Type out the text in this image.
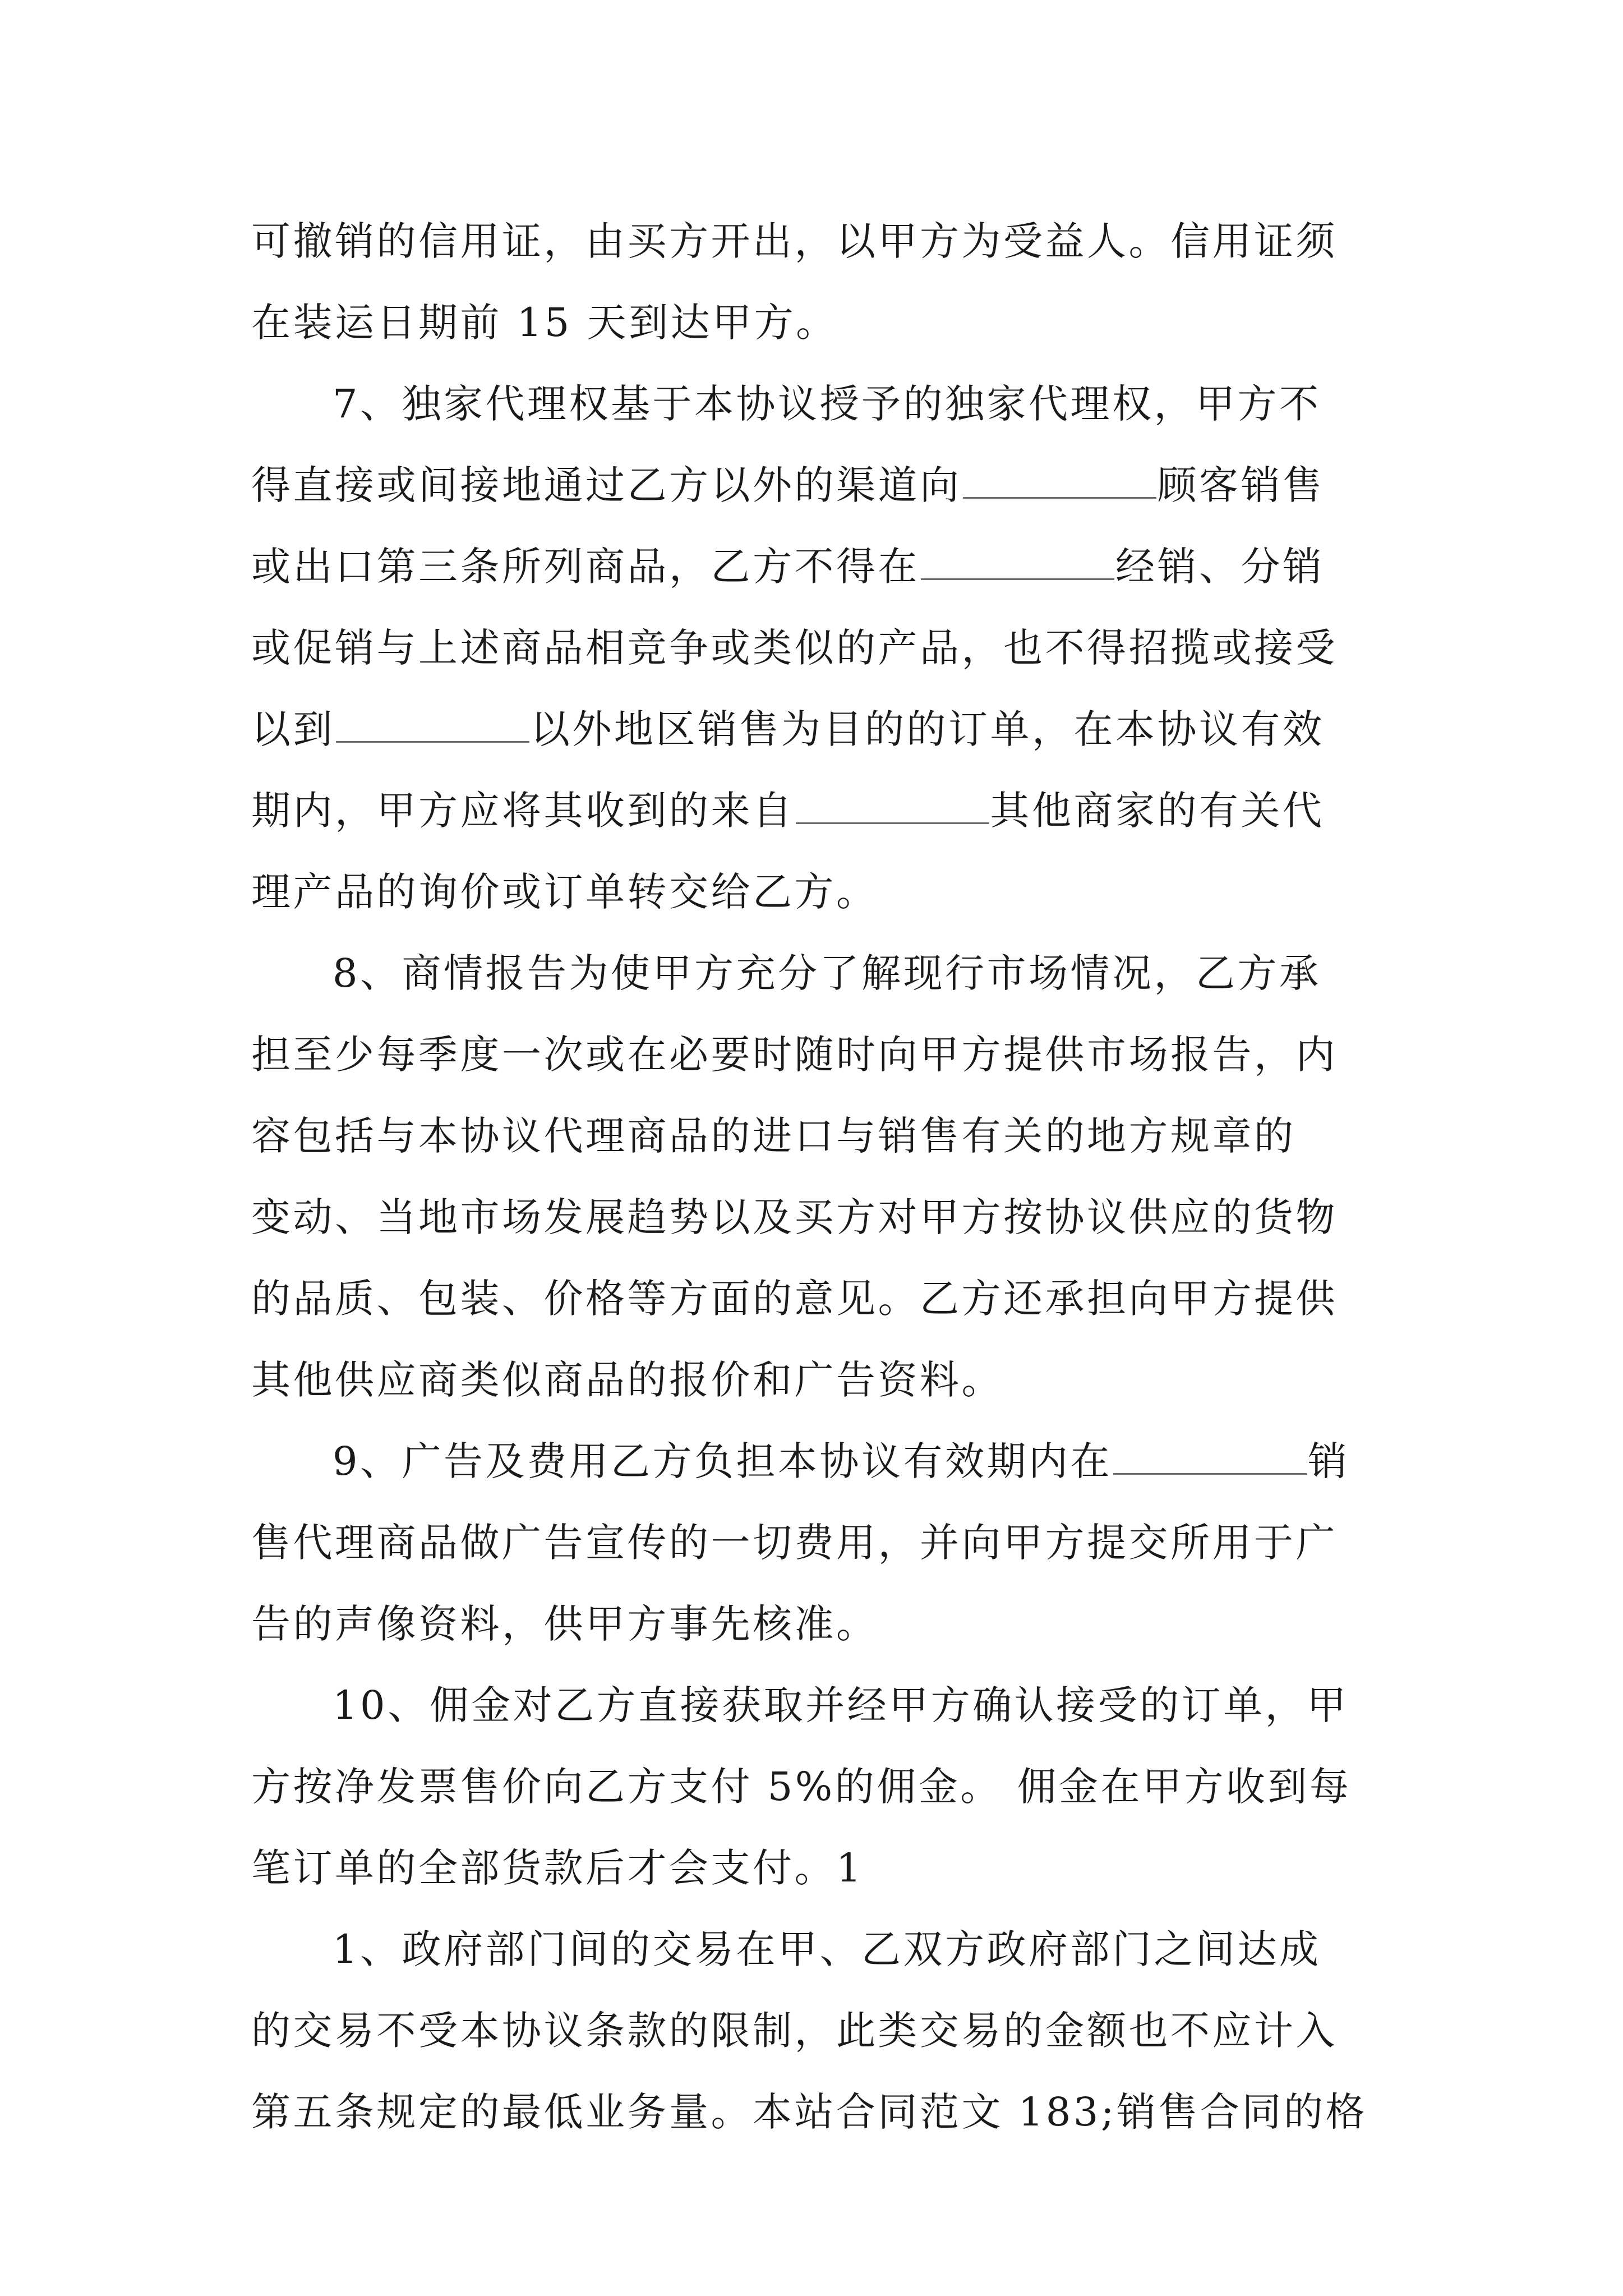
可撤销的信用证，由买方开出，以甲方为受益人。信用证须
在装运日期前 15 天到达甲方。
7、独家代理权基于本协议授予的独家代理权，甲方不
得直接或间接地通过乙方以外的渠道向	顾客销售
或出口第三条所列商品，乙方不得在	经销、分销
或促销与上述商品相竞争或类似的产品，也不得招揽或接受
以到	以外地区销售为目的的订单，在本协议有效
期内，甲方应将其收到的来自	其他商家的有关代
理产品的询价或订单转交给乙方。
8、商情报告为使甲方充分了解现行市场情况，乙方承
担至少每季度一次或在必要时随时向甲方提供市场报告，内
容包括与本协议代理商品的进口与销售有关的地方规章的
变动、当地市场发展趋势以及买方对甲方按协议供应的货物
的品质、包装、价格等方面的意见。乙方还承担向甲方提供
其他供应商类似商品的报价和广告资料。
9、广告及费用乙方负担本协议有效期内在	销
售代理商品做广告宣传的一切费用，并向甲方提交所用于广
告的声像资料，供甲方事先核准。
10、佣金对乙方直接获取并经甲方确认接受的订单，甲
方按净发票售价向乙方支付 5%的佣金。 佣金在甲方收到每
笔订单的全部货款后才会支付。1
1、政府部门间的交易在甲、乙双方政府部门之间达成
的交易不受本协议条款的限制，此类交易的金额也不应计入
第五条规定的最低业务量。本站合同范文 183;销售合同的格
